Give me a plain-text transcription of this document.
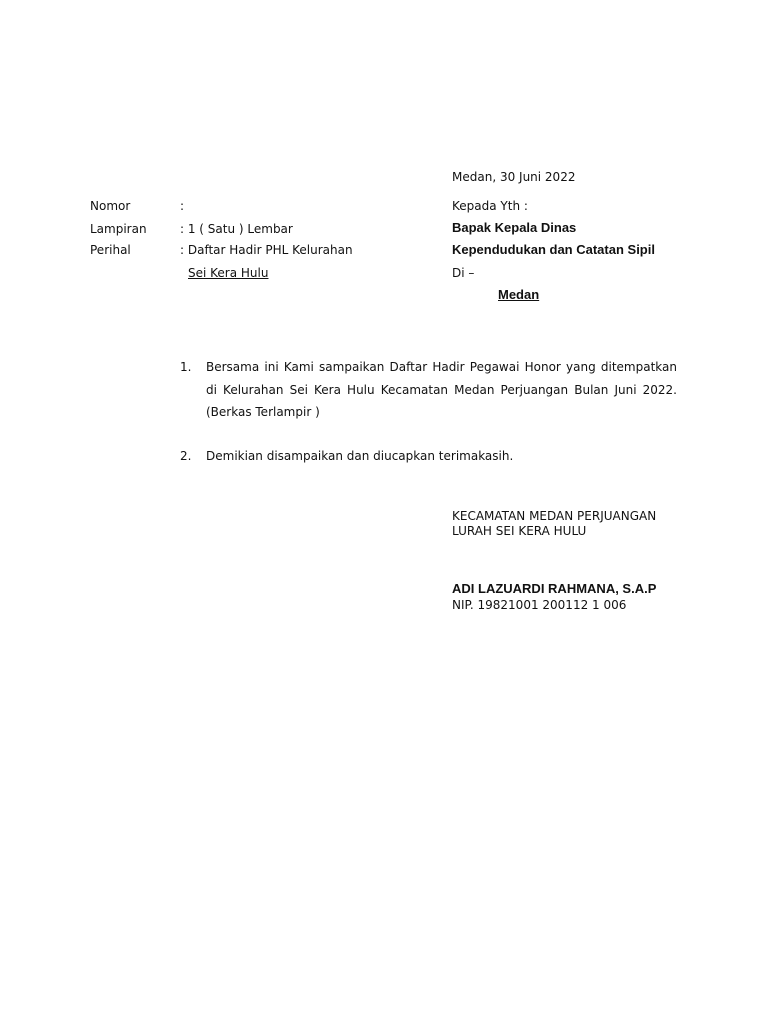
Medan, 30 Juni 2022
Nomor	:
Lampiran	: 1 ( Satu ) Lembar
Perihal	: Daftar Hadir PHL Kelurahan
Sei Kera Hulu
Kepada Yth :
Bapak Kepala Dinas
Kependudukan dan Catatan Sipil
Di –
Medan
1. Bersama ini Kami sampaikan Daftar Hadir Pegawai Honor yang ditempatkan di Kelurahan Sei Kera Hulu Kecamatan Medan Perjuangan Bulan Juni 2022. (Berkas Terlampir )
2. Demikian disampaikan dan diucapkan terimakasih.
KECAMATAN MEDAN PERJUANGAN
LURAH SEI KERA HULU
ADI LAZUARDI RAHMANA, S.A.P
NIP. 19821001 200112 1 006
